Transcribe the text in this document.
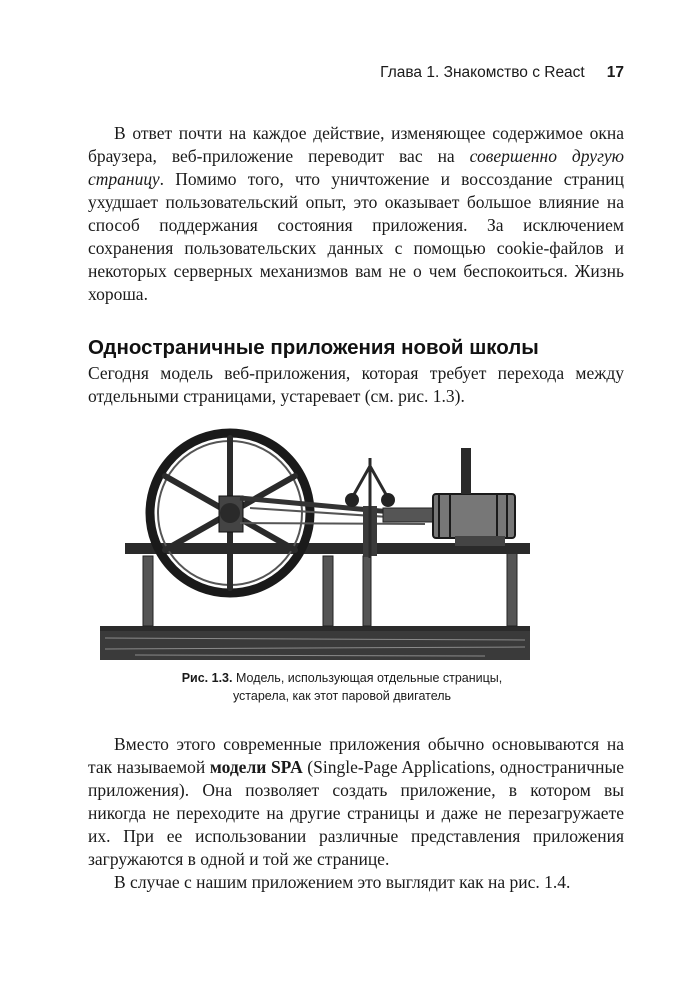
Глава 1. Знакомство с React 17

В ответ почти на каждое действие, изменяющее содержимое окна браузера, веб-приложение переводит вас на совершенно другую страницу. Помимо того, что уничтожение и воссоздание страниц ухудшает пользовательский опыт, это оказывает большое влияние на способ поддержания состояния приложения. За исключением сохранения пользовательских данных с помощью cookie-файлов и некоторых серверных механизмов вам не о чем беспокоиться. Жизнь хороша.

Одностраничные приложения новой школы

Сегодня модель веб-приложения, которая требует перехода между отдельными страницами, устаревает (см. рис. 1.3).

Рис. 1.3. Модель, использующая отдельные страницы, устарела, как этот паровой двигатель

Вместо этого современные приложения обычно основываются на так называемой модели SPA (Single-Page Applications, одностраничные приложения). Она позволяет создать приложение, в котором вы никогда не переходите на другие страницы и даже не перезагружаете их. При ее использовании различные представления приложения загружаются в одной и той же странице.

В случае с нашим приложением это выглядит как на рис. 1.4.
